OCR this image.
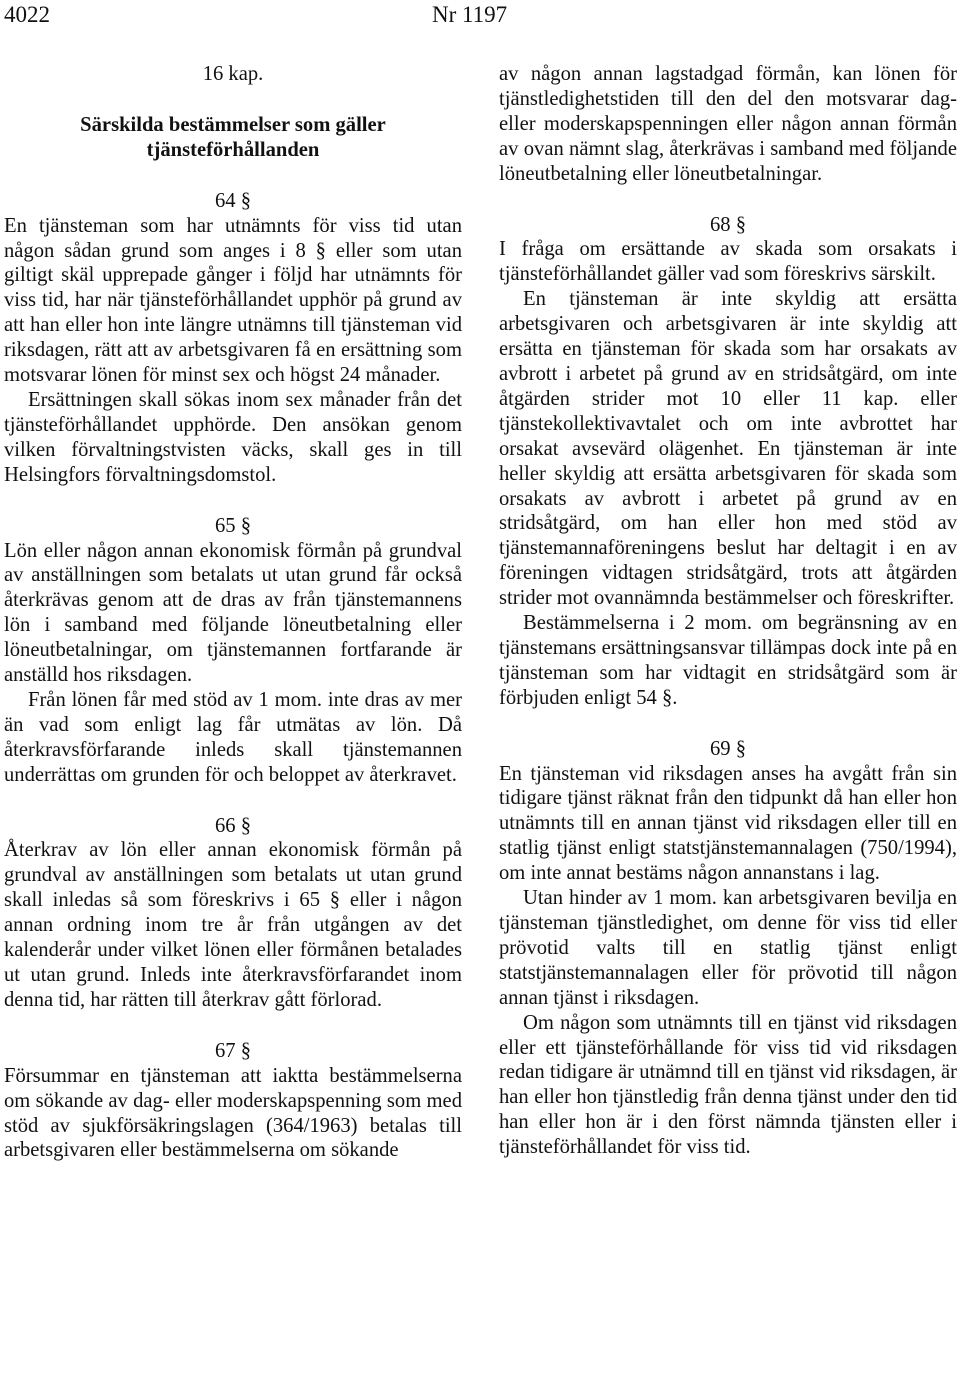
4022	Nr 1197
16 kap.
Särskilda bestämmelser som gäller tjänsteförhållanden
64 §

En tjänsteman som har utnämnts för viss tid utan någon sådan grund som anges i 8 § eller som utan giltigt skäl upprepade gånger i följd har utnämnts för viss tid, har när tjänsteförhållandet upphör på grund av att han eller hon inte längre utnämns till tjänsteman vid riksdagen, rätt att av arbetsgivaren få en ersättning som motsvarar lönen för minst sex och högst 24 månader.

Ersättningen skall sökas inom sex månader från det tjänsteförhållandet upphörde. Den ansökan genom vilken förvaltningstvisten väcks, skall ges in till Helsingfors förvaltningsdomstol.

65 §

Lön eller någon annan ekonomisk förmån på grundval av anställningen som betalats ut utan grund får också återkrävas genom att de dras av från tjänstemannens lön i samband med följande löneutbetalning eller löneutbetalningar, om tjänstemannen fortfarande är anställd hos riksdagen.

Från lönen får med stöd av 1 mom. inte dras av mer än vad som enligt lag får utmätas av lön. Då återkravsförfarande inleds skall tjänstemannen underrättas om grunden för och beloppet av återkravet.

66 §

Återkrav av lön eller annan ekonomisk förmån på grundval av anställningen som betalats ut utan grund skall inledas så som föreskrivs i 65 § eller i någon annan ordning inom tre år från utgången av det kalenderår under vilket lönen eller förmånen betalades ut utan grund. Inleds inte återkravsförfarandet inom denna tid, har rätten till återkrav gått förlorad.

67 §

Försummar en tjänsteman att iaktta bestämmelserna om sökande av dag- eller moderskapspenning som med stöd av sjukförsäkringslagen (364/1963) betalas till arbetsgivaren eller bestämmelserna om sökande

av någon annan lagstadgad förmån, kan lönen för tjänstledighetstiden till den del den motsvarar dag- eller moderskapspenningen eller någon annan förmån av ovan nämnt slag, återkrävas i samband med följande löneutbetalning eller löneutbetalningar.

68 §

I fråga om ersättande av skada som orsakats i tjänsteförhållandet gäller vad som föreskrivs särskilt.

En tjänsteman är inte skyldig att ersätta arbetsgivaren och arbetsgivaren är inte skyldig att ersätta en tjänsteman för skada som har orsakats av avbrott i arbetet på grund av en stridsåtgärd, om inte åtgärden strider mot 10 eller 11 kap. eller tjänstekollektivavtalet och om inte avbrottet har orsakat avsevärd olägenhet. En tjänsteman är inte heller skyldig att ersätta arbetsgivaren för skada som orsakats av avbrott i arbetet på grund av en stridsåtgärd, om han eller hon med stöd av tjänstemannaföreningens beslut har deltagit i en av föreningen vidtagen stridsåtgärd, trots att åtgärden strider mot ovannämnda bestämmelser och föreskrifter.

Bestämmelserna i 2 mom. om begränsning av en tjänstemans ersättningsansvar tillämpas dock inte på en tjänsteman som har vidtagit en stridsåtgärd som är förbjuden enligt 54 §.

69 §

En tjänsteman vid riksdagen anses ha avgått från sin tidigare tjänst räknat från den tidpunkt då han eller hon utnämnts till en annan tjänst vid riksdagen eller till en statlig tjänst enligt statstjänstemannalagen (750/1994), om inte annat bestäms någon annanstans i lag.

Utan hinder av 1 mom. kan arbetsgivaren bevilja en tjänsteman tjänstledighet, om denne för viss tid eller prövotid valts till en statlig tjänst enligt statstjänstemannalagen eller för prövotid till någon annan tjänst i riksdagen.

Om någon som utnämnts till en tjänst vid riksdagen eller ett tjänsteförhållande för viss tid vid riksdagen redan tidigare är utnämnd till en tjänst vid riksdagen, är han eller hon tjänstledig från denna tjänst under den tid han eller hon är i den först nämnda tjänsten eller i tjänsteförhållandet för viss tid.
